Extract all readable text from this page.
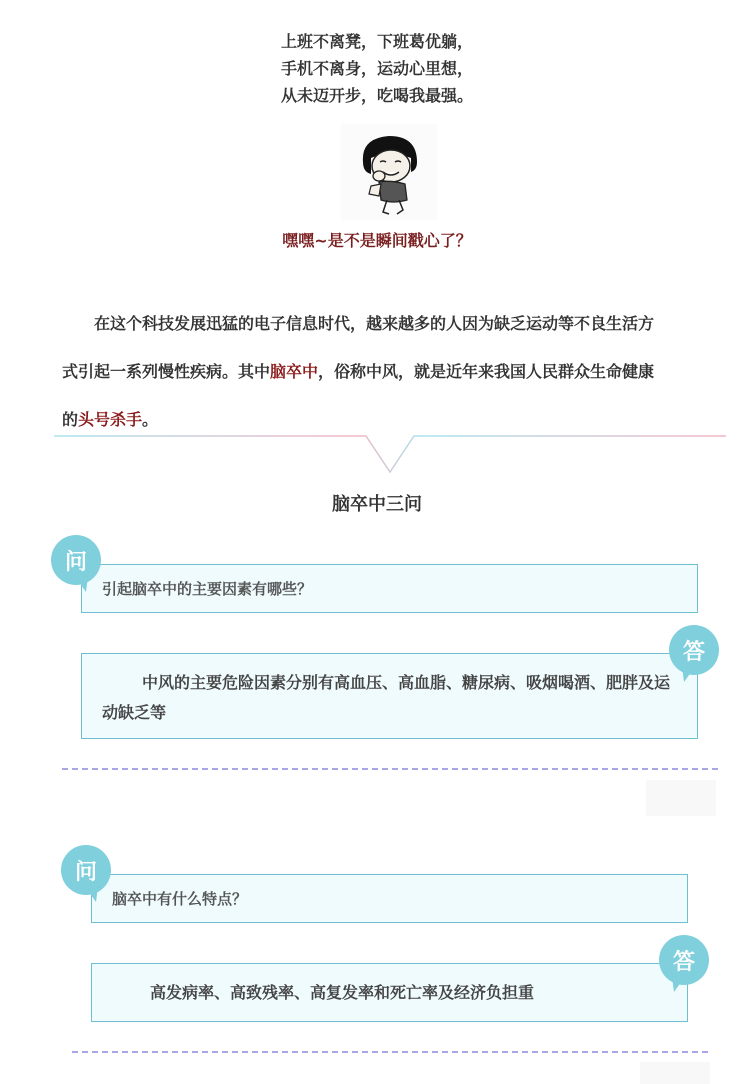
上班不离凳，下班葛优躺，
手机不离身，运动心里想，
从未迈开步，吃喝我最强。
嘿嘿~是不是瞬间戳心了？
在这个科技发展迅猛的电子信息时代，越来越多的人因为缺乏运动等不良生活方
式引起一系列慢性疾病。其中脑卒中，俗称中风，就是近年来我国人民群众生命健康
的头号杀手。
脑卒中三问
引起脑卒中的主要因素有哪些？
问
中风的主要危险因素分别有高血压、高血脂、糖尿病、吸烟喝酒、肥胖及运动缺乏等
答
脑卒中有什么特点？
问
高发病率、高致残率、高复发率和死亡率及经济负担重
答
